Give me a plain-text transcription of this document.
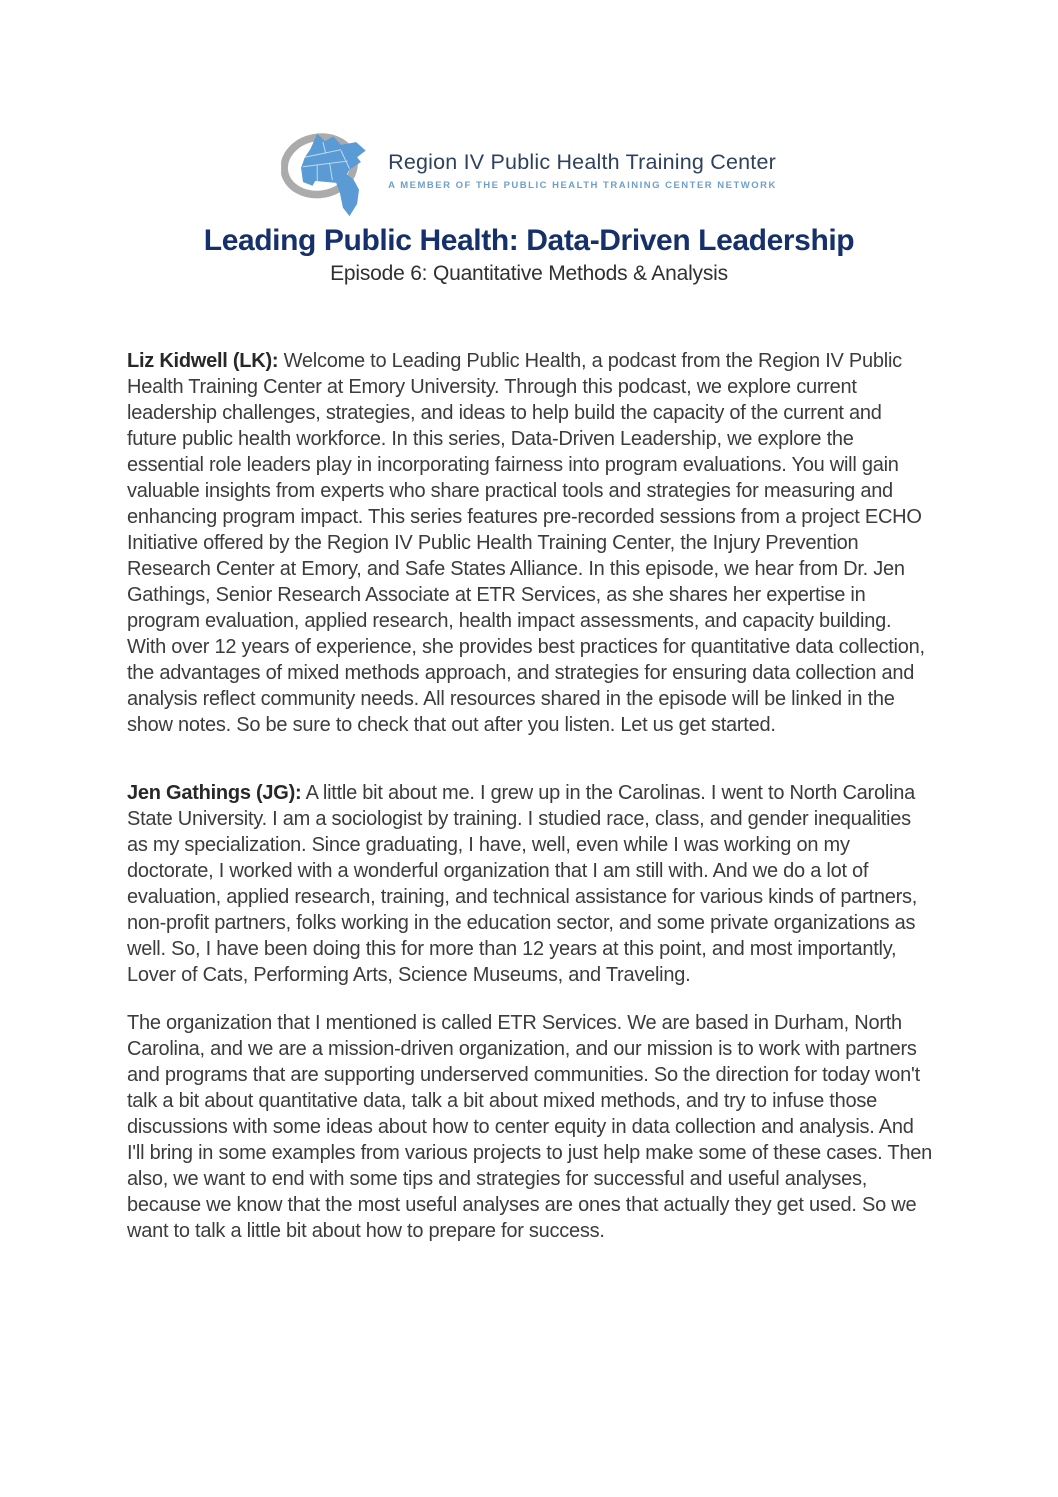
Region IV Public Health Training Center
A MEMBER OF THE PUBLIC HEALTH TRAINING CENTER NETWORK
Leading Public Health: Data-Driven Leadership
Episode 6: Quantitative Methods & Analysis

Liz Kidwell (LK): Welcome to Leading Public Health, a podcast from the Region IV Public Health Training Center at Emory University. Through this podcast, we explore current leadership challenges, strategies, and ideas to help build the capacity of the current and future public health workforce. In this series, Data-Driven Leadership, we explore the essential role leaders play in incorporating fairness into program evaluations. You will gain valuable insights from experts who share practical tools and strategies for measuring and enhancing program impact. This series features pre-recorded sessions from a project ECHO Initiative offered by the Region IV Public Health Training Center, the Injury Prevention Research Center at Emory, and Safe States Alliance. In this episode, we hear from Dr. Jen Gathings, Senior Research Associate at ETR Services, as she shares her expertise in program evaluation, applied research, health impact assessments, and capacity building. With over 12 years of experience, she provides best practices for quantitative data collection, the advantages of mixed methods approach, and strategies for ensuring data collection and analysis reflect community needs. All resources shared in the episode will be linked in the show notes. So be sure to check that out after you listen. Let us get started.

Jen Gathings (JG): A little bit about me. I grew up in the Carolinas. I went to North Carolina State University. I am a sociologist by training. I studied race, class, and gender inequalities as my specialization. Since graduating, I have, well, even while I was working on my doctorate, I worked with a wonderful organization that I am still with. And we do a lot of evaluation, applied research, training, and technical assistance for various kinds of partners, non-profit partners, folks working in the education sector, and some private organizations as well. So, I have been doing this for more than 12 years at this point, and most importantly, Lover of Cats, Performing Arts, Science Museums, and Traveling.

The organization that I mentioned is called ETR Services. We are based in Durham, North Carolina, and we are a mission-driven organization, and our mission is to work with partners and programs that are supporting underserved communities. So the direction for today won't talk a bit about quantitative data, talk a bit about mixed methods, and try to infuse those discussions with some ideas about how to center equity in data collection and analysis. And I'll bring in some examples from various projects to just help make some of these cases. Then also, we want to end with some tips and strategies for successful and useful analyses, because we know that the most useful analyses are ones that actually they get used. So we want to talk a little bit about how to prepare for success.
